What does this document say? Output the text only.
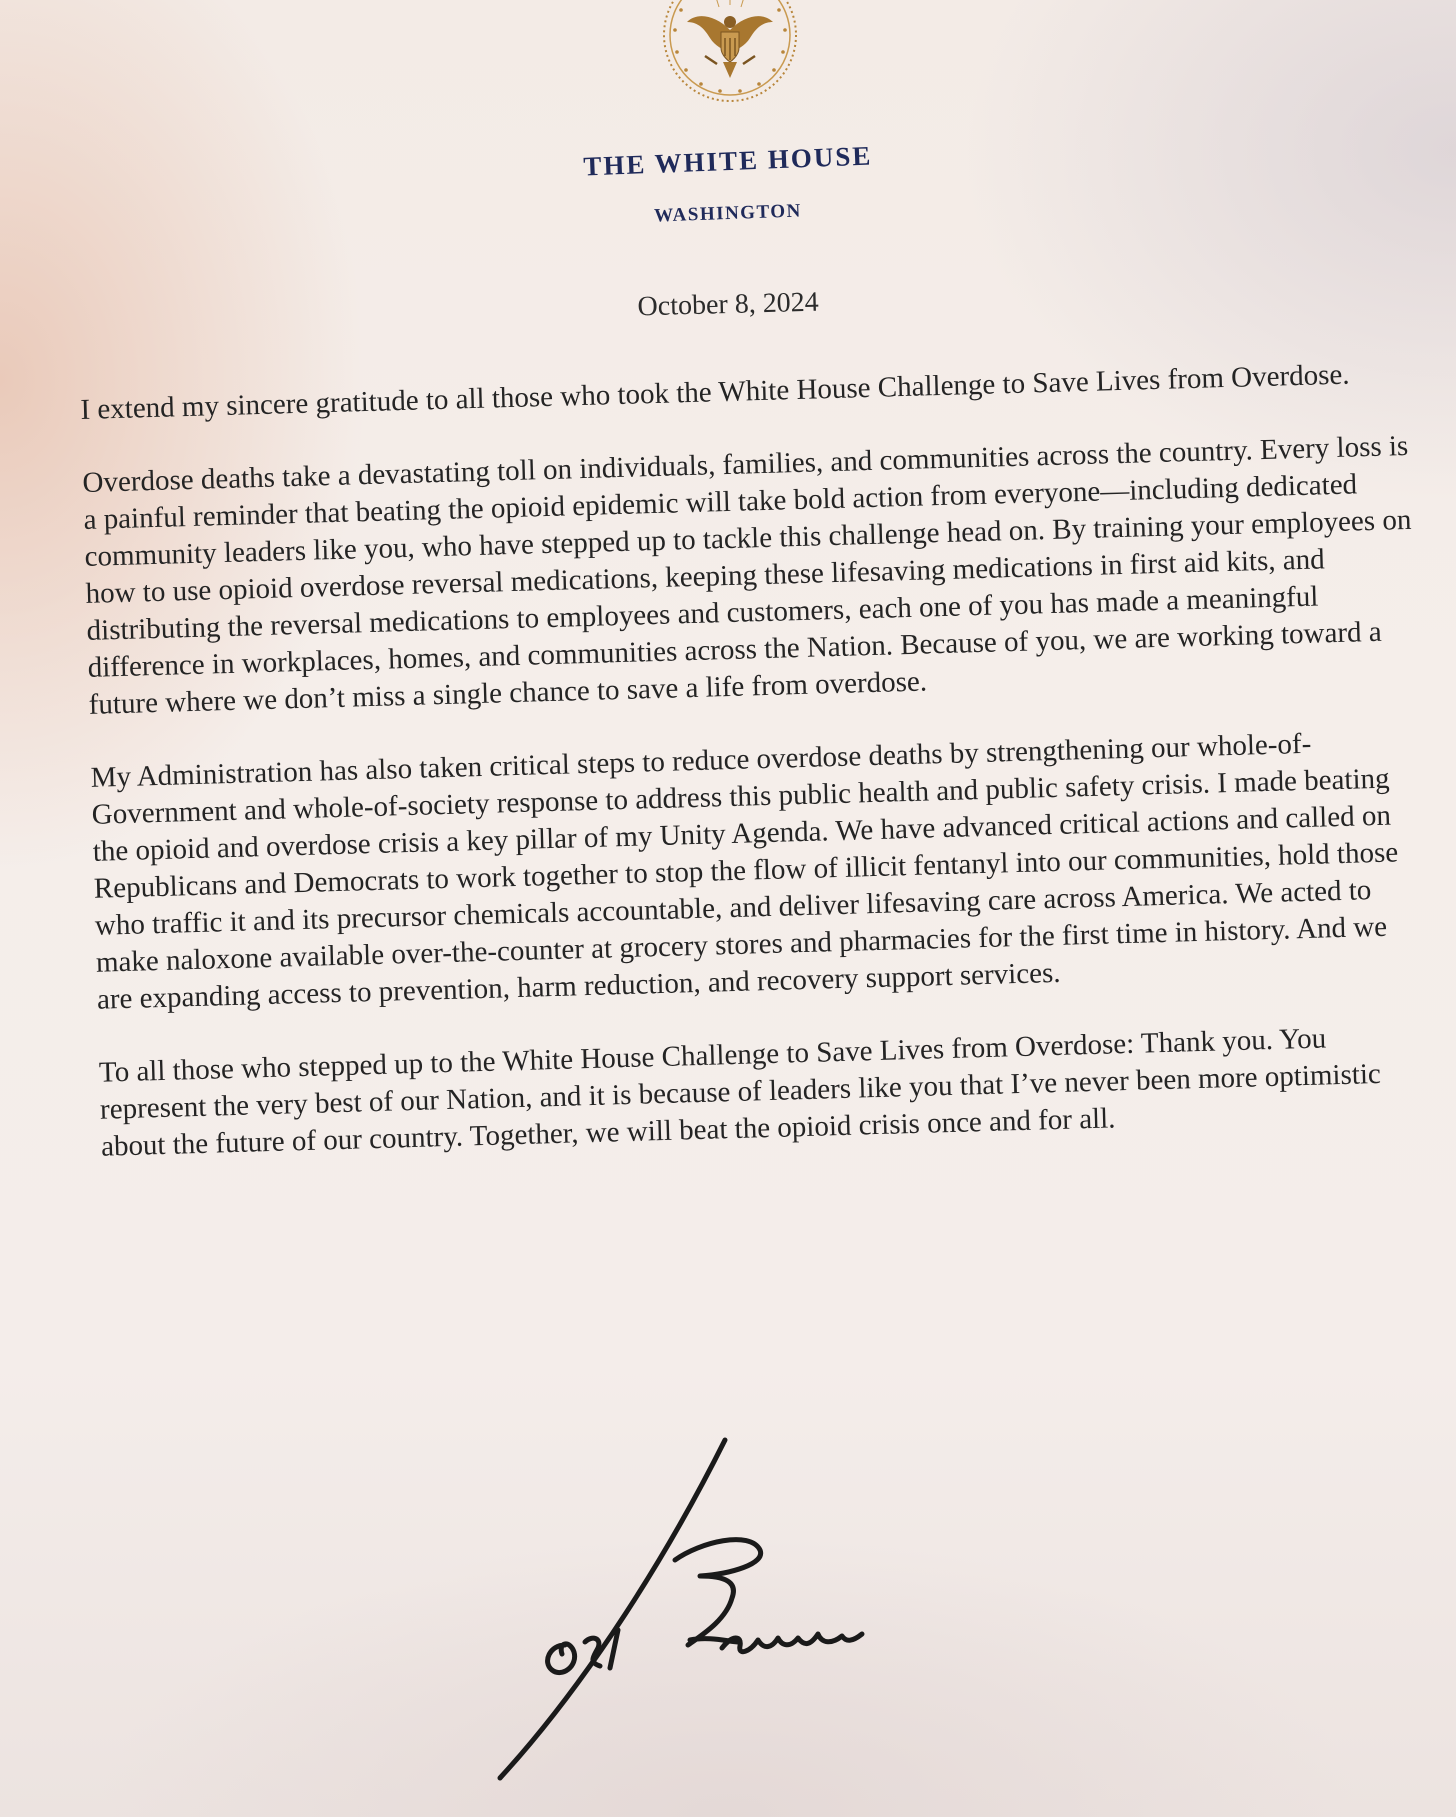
THE WHITE HOUSE
WASHINGTON
October 8, 2024

I extend my sincere gratitude to all those who took the White House Challenge to Save Lives from Overdose.

Overdose deaths take a devastating toll on individuals, families, and communities across the country. Every loss is a painful reminder that beating the opioid epidemic will take bold action from everyone—including dedicated community leaders like you, who have stepped up to tackle this challenge head on. By training your employees on how to use opioid overdose reversal medications, keeping these lifesaving medications in first aid kits, and distributing the reversal medications to employees and customers, each one of you has made a meaningful difference in workplaces, homes, and communities across the Nation. Because of you, we are working toward a future where we don’t miss a single chance to save a life from overdose.

My Administration has also taken critical steps to reduce overdose deaths by strengthening our whole-of-Government and whole-of-society response to address this public health and public safety crisis. I made beating the opioid and overdose crisis a key pillar of my Unity Agenda. We have advanced critical actions and called on Republicans and Democrats to work together to stop the flow of illicit fentanyl into our communities, hold those who traffic it and its precursor chemicals accountable, and deliver lifesaving care across America. We acted to make naloxone available over-the-counter at grocery stores and pharmacies for the first time in history. And we are expanding access to prevention, harm reduction, and recovery support services.

To all those who stepped up to the White House Challenge to Save Lives from Overdose: Thank you. You represent the very best of our Nation, and it is because of leaders like you that I’ve never been more optimistic about the future of our country. Together, we will beat the opioid crisis once and for all.
